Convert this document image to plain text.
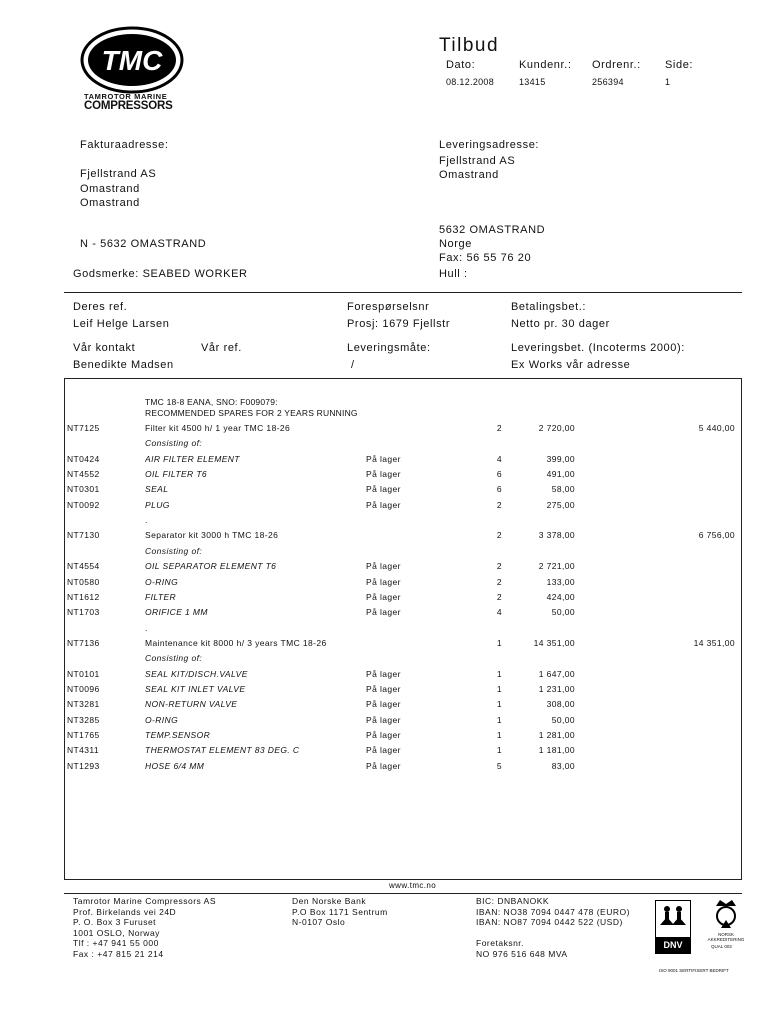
TMC
TAMROTOR MARINE
COMPRESSORS
Tilbud
Dato:	Kundenr.: Ordrenr.: Side:
08.12.2008	13415	256394	1
Fakturaadresse:
Fjellstrand AS
Omastrand
Omastrand
N - 5632 OMASTRAND
Godsmerke: SEABED WORKER
Leveringsadresse:
Fjellstrand AS
Omastrand
5632 OMASTRAND
Norge
Fax: 56 55 76 20
Hull :
Deres ref.
Leif Helge Larsen
Forespørselsnr
Prosj: 1679 Fjellstr
Betalingsbet.:
Netto pr. 30 dager
Vår kontakt	Vår ref.
Benedikte Madsen
Leveringsmåte:
/
Leveringsbet. (Incoterms 2000):
Ex Works vår adresse
TMC 18-8 EANA, SNO: F009079:
RECOMMENDED SPARES FOR 2 YEARS RUNNING
NT7125	Filter kit 4500 h/ 1 year TMC 18-26	2	2 720,00	5 440,00
Consisting of:
NT0424	AIR FILTER ELEMENT	På lager	4	399,00
NT4552	OIL FILTER T6	På lager	6	491,00
NT0301	SEAL	På lager	6	58,00
NT0092	PLUG	På lager	2	275,00
.
NT7130	Separator kit 3000 h TMC 18-26	2	3 378,00	6 756,00
Consisting of:
NT4554	OIL SEPARATOR ELEMENT T6	På lager	2	2 721,00
NT0580	O-RING	På lager	2	133,00
NT1612	FILTER	På lager	2	424,00
NT1703	ORIFICE 1 MM	På lager	4	50,00
.
NT7136	Maintenance kit 8000 h/ 3 years TMC 18-26	1	14 351,00	14 351,00
Consisting of:
NT0101	SEAL KIT/DISCH.VALVE	På lager	1	1 647,00
NT0096	SEAL KIT INLET VALVE	På lager	1	1 231,00
NT3281	NON-RETURN VALVE	På lager	1	308,00
NT3285	O-RING	På lager	1	50,00
NT1765	TEMP.SENSOR	På lager	1	1 281,00
NT4311	THERMOSTAT ELEMENT 83 DEG. C	På lager	1	1 181,00
NT1293	HOSE 6/4 MM	På lager	5	83,00
www.tmc.no
Tamrotor Marine Compressors AS
Prof. Birkelands vei 24D
P. O. Box 3 Furuset
1001 OSLO, Norway
Tlf : +47 941 55 000
Fax : +47 815 21 214
Den Norske Bank
P.O Box 1171 Sentrum
N-0107 Oslo
BIC: DNBANOKK
IBAN: NO38 7094 0447 478 (EURO)
IBAN: NO87 7094 0442 522 (USD)
Foretaksnr.
NO 976 516 648 MVA
DNV
NORSK AKKREDITERING
QUAL 002
ISO 9001 SERTIFISERT BEDRIFT
